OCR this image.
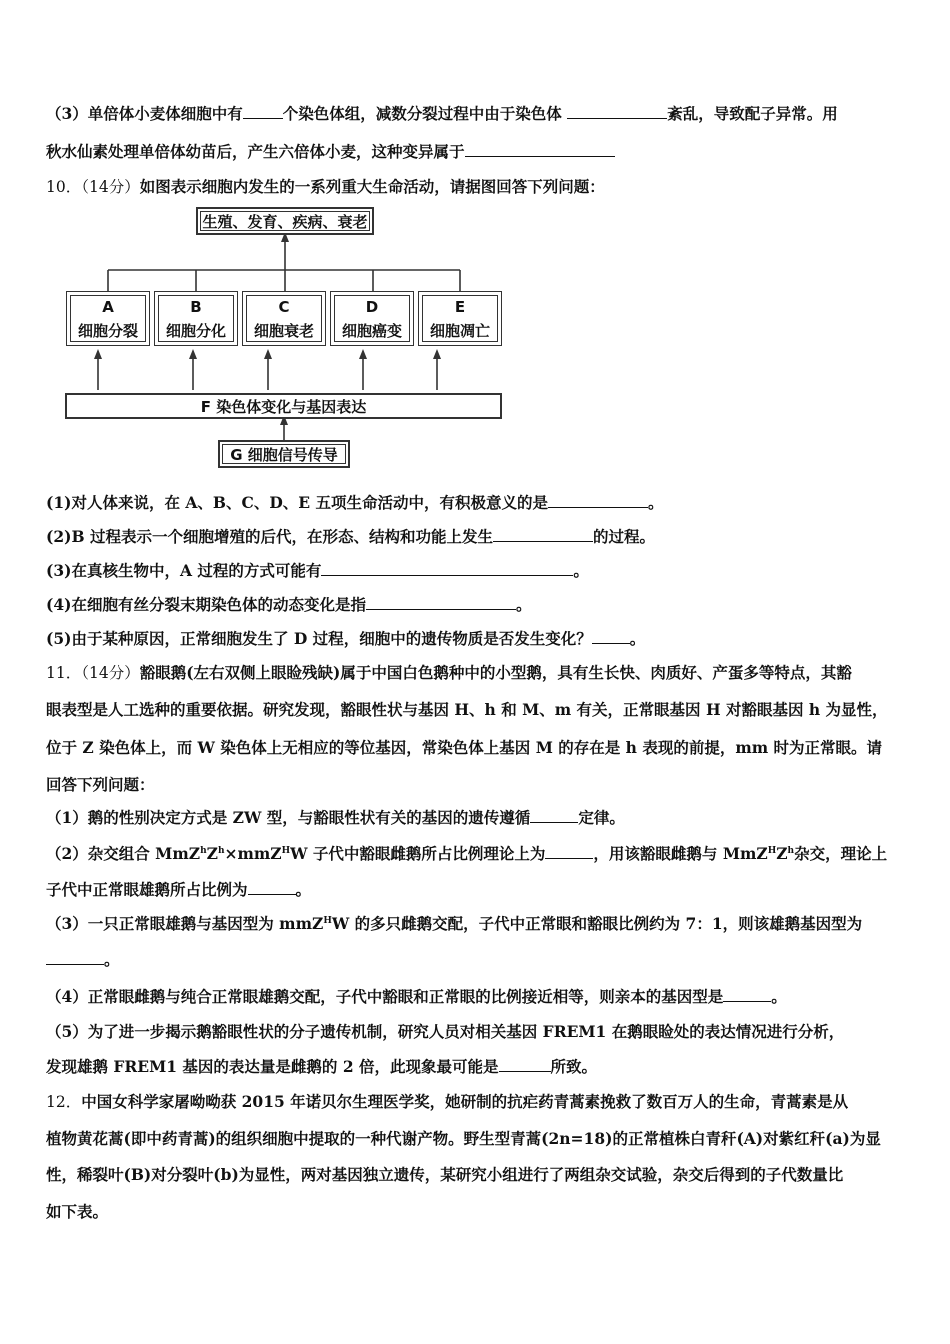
（3）单倍体小麦体细胞中有	个染色体组，减数分裂过程中由于染色体	紊乱，导致配子异常。用
秋水仙素处理单倍体幼苗后，产生六倍体小麦，这种变异属于
10．（14分）如图表示细胞内发生的一系列重大生命活动，请据图回答下列问题：
生殖、发育、疾病、衰老
A
细胞分裂
B
细胞分化
C
细胞衰老
D
细胞癌变
E
细胞凋亡
F 染色体变化与基因表达
G 细胞信号传导
(1)对人体来说，在 A、B、C、D、E 五项生命活动中，有积极意义的是	。
(2)B 过程表示一个细胞增殖的后代，在形态、结构和功能上发生	的过程。
(3)在真核生物中，A 过程的方式可能有	。
(4)在细胞有丝分裂末期染色体的动态变化是指	。
(5)由于某种原因，正常细胞发生了 D 过程，细胞中的遗传物质是否发生变化？ 。
11．（14分）豁眼鹅(左右双侧上眼睑残缺)属于中国白色鹅种中的小型鹅，具有生长快、肉质好、产蛋多等特点，其豁
眼表型是人工选种的重要依据。研究发现，豁眼性状与基因 H、h 和 M、m 有关，正常眼基因 H 对豁眼基因 h 为显性，
位于 Z 染色体上，而 W 染色体上无相应的等位基因，常染色体上基因 M 的存在是 h 表现的前提，mm 时为正常眼。请
回答下列问题：
（1）鹅的性别决定方式是 ZW 型，与豁眼性状有关的基因的遗传遵循	定律。
（2）杂交组合 $MmZ^hZ^h\times mmZ^HW$ 子代中豁眼雌鹅所占比例理论上为	，用该豁眼雌鹅与 $MmZ^HZ^h$杂交，理论上
子代中正常眼雄鹅所占比例为	。
（3）一只正常眼雄鹅与基因型为 mmZ$^H$W 的多只雌鹅交配，子代中正常眼和豁眼比例约为 7：1，则该雄鹅基因型为
。
（4）正常眼雌鹅与纯合正常眼雄鹅交配，子代中豁眼和正常眼的比例接近相等，则亲本的基因型是	。
（5）为了进一步揭示鹅豁眼性状的分子遗传机制，研究人员对相关基因 FREM1 在鹅眼睑处的表达情况进行分析，
发现雄鹅 FREM1 基因的表达量是雌鹅的 2 倍，此现象最可能是	所致。
12．中国女科学家屠呦呦获 2015 年诺贝尔生理医学奖，她研制的抗疟药青蒿素挽救了数百万人的生命，青蒿素是从
植物黄花蒿(即中药青蒿)的组织细胞中提取的一种代谢产物。野生型青蒿(2n=18)的正常植株白青秆(A)对紫红秆(a)为显
性，稀裂叶(B)对分裂叶(b)为显性，两对基因独立遗传，某研究小组进行了两组杂交试验，杂交后得到的子代数量比
如下表。
